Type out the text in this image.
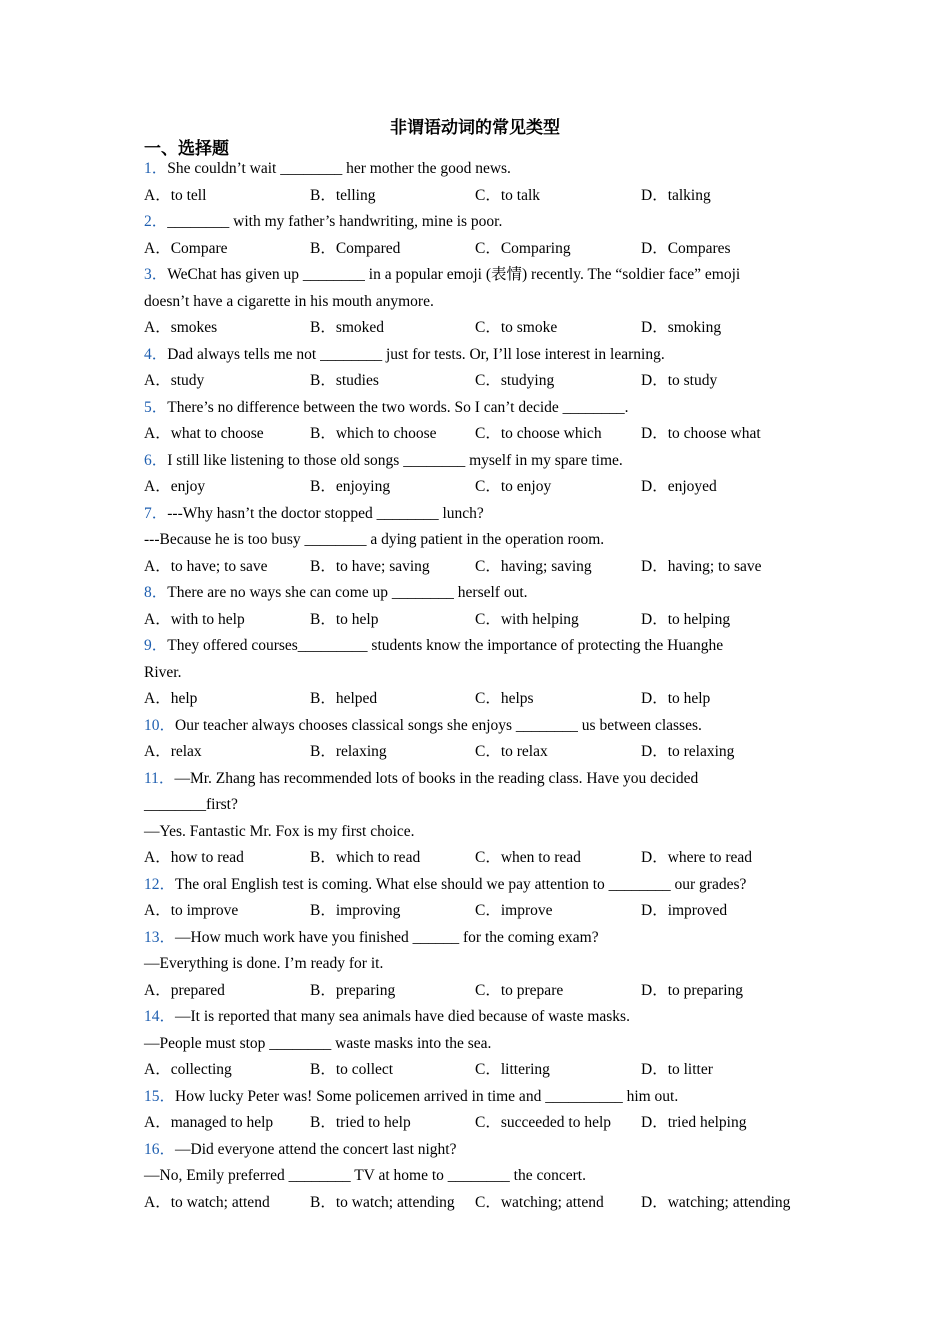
非谓语动词的常见类型
一、选择题
1．She couldn’t wait ________ her mother the good news.
A．to tell	B．telling	C．to talk	D．talking
2．________ with my father’s handwriting, mine is poor.
A．Compare	B．Compared	C．Comparing	D．Compares
3．WeChat has given up ________ in a popular emoji (表情) recently. The “soldier face” emoji
doesn’t have a cigarette in his mouth anymore.
A．smokes	B．smoked	C．to smoke	D．smoking
4．Dad always tells me not ________ just for tests. Or, I’ll lose interest in learning.
A．study	B．studies	C．studying	D．to study
5．There’s no difference between the two words. So I can’t decide ________.
A．what to choose	B．which to choose C．to choose which	D．to choose what
6．I still like listening to those old songs ________ myself in my spare time.
A．enjoy	B．enjoying	C．to enjoy	D．enjoyed
7．---Why hasn’t the doctor stopped ________ lunch?
---Because he is too busy ________ a dying patient in the operation room.
A．to have; to save	B．to have; saving	C．having; saving	D．having; to save
8．There are no ways she can come up ________ herself out.
A．with to help	B．to help	C．with helping	D．to helping
9．They offered courses_________ students know the importance of protecting the Huanghe
River.
A．help	B．helped	C．helps	D．to help
10．Our teacher always chooses classical songs she enjoys ________ us between classes.
A．relax	B．relaxing	C．to relax	D．to relaxing
11．—Mr. Zhang has recommended lots of books in the reading class. Have you decided
________first?
—Yes. Fantastic Mr. Fox is my first choice.
A．how to read	B．which to read	C．when to read	D．where to read
12．The oral English test is coming. What else should we pay attention to ________ our grades?
A．to improve	B．improving	C．improve	D．improved
13．—How much work have you finished ______ for the coming exam?
—Everything is done. I’m ready for it.
A．prepared	B．preparing	C．to prepare	D．to preparing
14．—It is reported that many sea animals have died because of waste masks.
—People must stop ________ waste masks into the sea.
A．collecting	B．to collect	C．littering	D．to litter
15．How lucky Peter was! Some policemen arrived in time and __________ him out.
A．managed to help B．tried to help	C．succeeded to help D．tried helping
16．—Did everyone attend the concert last night?
—No, Emily preferred ________ TV at home to ________ the concert.
A．to watch; attend	B．to watch; attending C．watching; attend D．watching; attending
